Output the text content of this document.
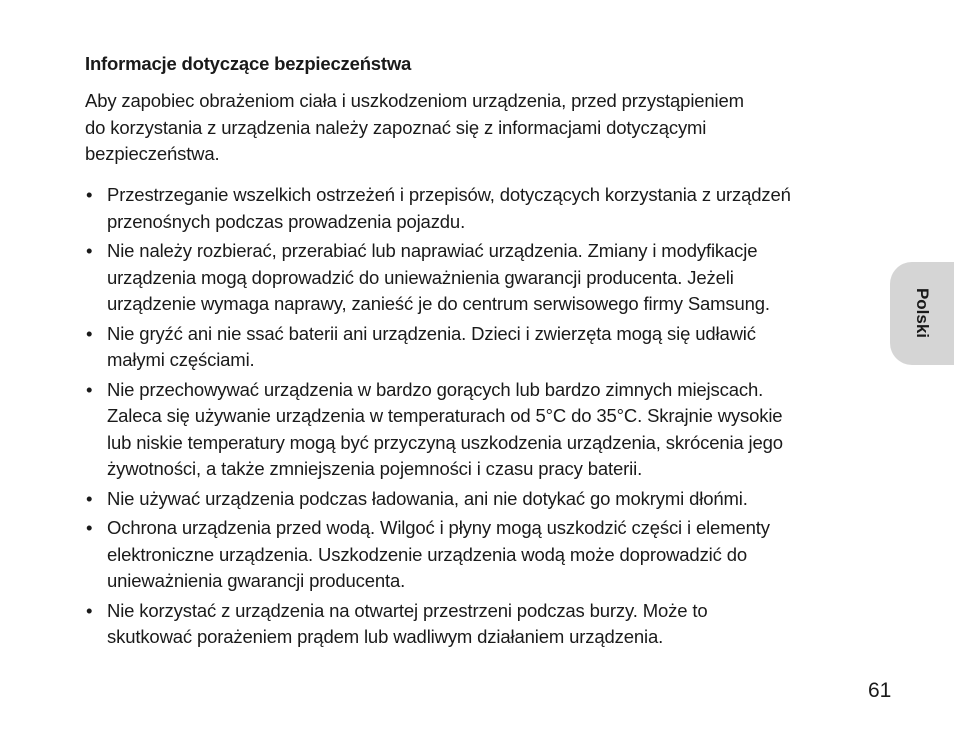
Informacje dotyczące bezpieczeństwa
Aby zapobiec obrażeniom ciała i uszkodzeniom urządzenia, przed przystąpieniem
do korzystania z urządzenia należy zapoznać się z informacjami dotyczącymi
bezpieczeństwa.
• Przestrzeganie wszelkich ostrzeżeń i przepisów, dotyczących korzystania z urządzeń
przenośnych podczas prowadzenia pojazdu.
• Nie należy rozbierać, przerabiać lub naprawiać urządzenia. Zmiany i modyfikacje
urządzenia mogą doprowadzić do unieważnienia gwarancji producenta. Jeżeli
urządzenie wymaga naprawy, zanieść je do centrum serwisowego firmy Samsung.
• Nie gryźć ani nie ssać baterii ani urządzenia. Dzieci i zwierzęta mogą się udławić
małymi częściami.
• Nie przechowywać urządzenia w bardzo gorących lub bardzo zimnych miejscach.
Zaleca się używanie urządzenia w temperaturach od 5°C do 35°C. Skrajnie wysokie
lub niskie temperatury mogą być przyczyną uszkodzenia urządzenia, skrócenia jego
żywotności, a także zmniejszenia pojemności i czasu pracy baterii.
• Nie używać urządzenia podczas ładowania, ani nie dotykać go mokrymi dłońmi.
• Ochrona urządzenia przed wodą. Wilgoć i płyny mogą uszkodzić części i elementy
elektroniczne urządzenia. Uszkodzenie urządzenia wodą może doprowadzić do
unieważnienia gwarancji producenta.
• Nie korzystać z urządzenia na otwartej przestrzeni podczas burzy. Może to
skutkować porażeniem prądem lub wadliwym działaniem urządzenia.
Polski
61
